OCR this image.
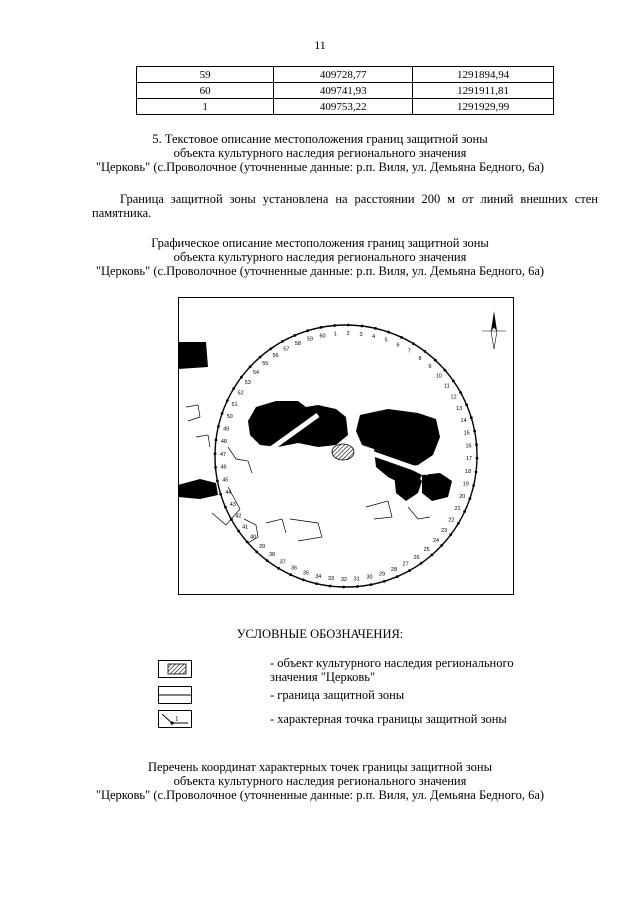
11
59	409728,77	1291894,94
60	409741,93	1291911,81
1	409753,22	1291929,99
5. Текстовое описание местоположения границ защитной зоны
объекта культурного наследия регионального значения
"Церковь" (с.Проволочное (уточненные данные: р.п. Виля, ул. Демьяна Бедного, 6а)
Граница защитной зоны установлена на расстоянии 200 м от линий внешних стен
памятника.
Графическое описание местоположения границ защитной зоны
объекта культурного наследия регионального значения
"Церковь" (с.Проволочное (уточненные данные: р.п. Виля, ул. Демьяна Бедного, 6а)
1 2 3 4
5
6
7
8
9
10
11
12
13
14
15
16
17
18
19
20
21
22
23
24
25
26
27
28
29
30
31
32
33
34
35
36
37
38
39
40
41
42
43
44
45
46
47
48
49
50
51
52
53
54
55
56
57
58
59
60
УСЛОВНЫЕ ОБОЗНАЧЕНИЯ:
- объект культурного наследия регионального
значения "Церковь"
- граница защитной зоны
1	- характерная точка границы защитной зоны
Перечень координат характерных точек границы защитной зоны
объекта культурного наследия регионального значения
"Церковь" (с.Проволочное (уточненные данные: р.п. Виля, ул. Демьяна Бедного, 6а)
